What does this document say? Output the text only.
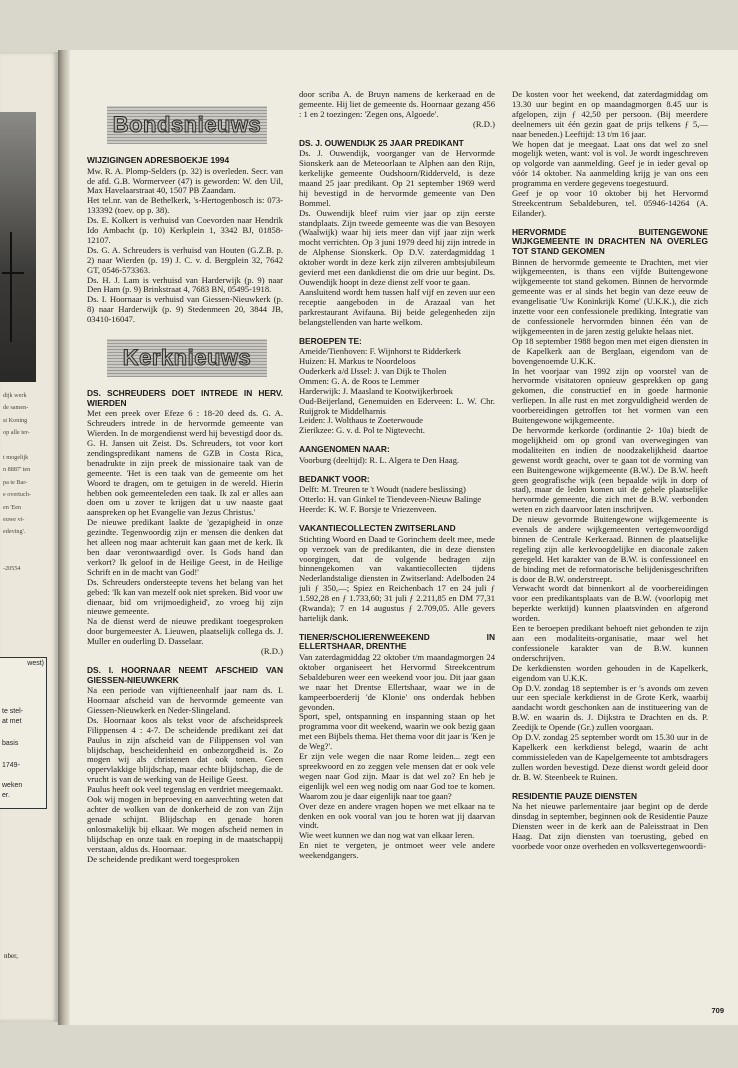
dijk werk
de samen-
st Koning
op alle ter-

t mogelijk
n 8887' ten
pa te Bar-
e overtuch-
en 'Een
euwe vi-
edeving'.
-20554
west)
te stel-
at met
basis
1749-
weken
er.
nber,
Bondsnieuws
WIJZIGINGEN ADRESBOEKJE 1994

Mw. R. A. Plomp-Selders (p. 32) is overleden. Secr. van de afd. G.B. Wormerveer (47) is geworden: W. den Uil, Max Havelaarstraat 40, 1507 PB Zaandam.

Het tel.nr. van de Bethelkerk, 's-Hertogenbosch is: 073-133392 (toev. op p. 38).

Ds. E. Kolkert is verhuisd van Coevorden naar Hendrik Ido Ambacht (p. 10) Kerkplein 1, 3342 BJ, 01858-12107.

Ds. G. A. Schreuders is verhuisd van Houten (G.Z.B. p. 2) naar Wierden (p. 19) J. C. v. d. Bergplein 32, 7642 GT, 0546-573363.

Ds. H. J. Lam is verhuisd van Harderwijk (p. 9) naar Den Ham (p. 9) Brinkstraat 4, 7683 BN, 05495-1918.

Ds. I. Hoornaar is verhuisd van Giessen-Nieuwkerk (p. 8) naar Harderwijk (p. 9) Stedenmeen 20, 3844 JB, 03410-16047.

Kerknieuws
DS. SCHREUDERS DOET INTREDE IN HERV. WIERDEN

Met een preek over Efeze 6 : 18-20 deed ds. G. A. Schreuders intrede in de hervormde gemeente van Wierden. In de morgendienst werd hij bevestigd door ds. G. H. Jansen uit Zeist. Ds. Schreuders, tot voor kort zendingspredikant namens de GZB in Costa Rica, benadrukte in zijn preek de missionaire taak van de gemeente. 'Het is een taak van de gemeente om het Woord te dragen, om te getuigen in de wereld. Hierin hebben ook gemeenteleden een taak. Ik zal er alles aan doen om u zover te krijgen dat u uw naaste gaat aanspreken op het Evangelie van Jezus Christus.'

De nieuwe predikant laakte de 'gezapigheid in onze gezindte. Tegenwoordig zijn er mensen die denken dat het alleen nog maar achteruit kan gaan met de kerk. Ik ben daar verontwaardigd over. Is Gods hand dan verkort? Ik geloof in de Heilige Geest, in de Heilige Schrift en in de macht van God!'

Ds. Schreuders ondersteepte tevens het belang van het gebed: 'Ik kan van mezelf ook niet spreken. Bid voor uw dienaar, bid om vrijmoedigheid', zo vroeg hij zijn nieuwe gemeente.

Na de dienst werd de nieuwe predikant toegesproken door burgemeester A. Lieuwen, plaatselijk collega ds. J. Muller en ouderling D. Dasselaar.

(R.D.)

DS. I. HOORNAAR NEEMT AFSCHEID VAN GIESSEN-NIEUWKERK

Na een periode van vijftieneenhalf jaar nam ds. I. Hoornaar afscheid van de hervormde gemeente van Giessen-Nieuwkerk en Neder-Slingeland.

Ds. Hoornaar koos als tekst voor de afscheidspreek Filippensen 4 : 4-7. De scheidende predikant zei dat Paulus in zijn afscheid van de Filippensen vol van blijdschap, bescheidenheid en onbezorgdheid is. Zo mogen wij als christenen dat ook tonen. Geen oppervlakkige blijdschap, maar echte blijdschap, die de vrucht is van de werking van de Heilige Geest.

Paulus heeft ook veel tegenslag en verdriet meegemaakt. Ook wij mogen in beproeving en aanvechting weten dat achter de wolken van de donkerheid de zon van Zijn genade schijnt. Blijdschap en genade horen onlosmakelijk bij elkaar. We mogen afscheid nemen in blijdschap en onze taak en roeping in de maatschappij verstaan, aldus ds. Hoornaar.

De scheidende predikant werd toegesproken

door scriba A. de Bruyn namens de kerkeraad en de gemeente. Hij liet de gemeente ds. Hoornaar gezang 456 : 1 en 2 toezingen: 'Zegen ons, Algoede'.

(R.D.)

DS. J. OUWENDIJK 25 JAAR PREDIKANT

Ds. J. Ouwendijk, voorganger van de Hervormde Sionskerk aan de Meteoorlaan te Alphen aan den Rijn, kerkelijke gemeente Oudshoorn/Ridderveld, is deze maand 25 jaar predikant. Op 21 september 1969 werd hij bevestigd in de hervormde gemeente van Den Bommel.

Ds. Ouwendijk bleef ruim vier jaar op zijn eerste standplaats. Zijn tweede gemeente was die van Besoyen (Waalwijk) waar hij iets meer dan vijf jaar zijn werk mocht verrichten. Op 3 juni 1979 deed hij zijn intrede in de Alphense Sionskerk. Op D.V. zaterdagmiddag 1 oktober wordt in deze kerk zijn zilveren ambtsjubileum gevierd met een dankdienst die om drie uur begint. Ds. Ouwendijk hoopt in deze dienst zelf voor te gaan.

Aansluitend wordt hem tussen half vijf en zeven uur een receptie aangeboden in de Arazaal van het parkrestaurant Avifauna. Bij beide gelegenheden zijn belangstellenden van harte welkom.

BEROEPEN TE:

Ameide/Tienhoven: F. Wijnhorst te Ridderkerk

Huizen: H. Markus te Noordeloos

Ouderkerk a/d IJssel: J. van Dijk te Tholen

Ommen: G. A. de Roos te Lemmer

Harderwijk: J. Maasland te Kootwijkerbroek

Oud-Beijerland, Genemuiden en Ederveen: L. W. Chr. Ruijgrok te Middelharnis

Leiden: J. Wolthaus te Zoeterwoude

Zierikzee: G. v. d. Pol te Nigtevecht.

AANGENOMEN NAAR:

Voorburg (deeltijd): R. L. Algera te Den Haag.

BEDANKT VOOR:

Delft: M. Treuren te 't Woudt (nadere beslissing)

Otterlo: H. van Ginkel te Tiendeveen-Nieuw Balinge

Heerde: K. W. F. Borsje te Vriezenveen.

VAKANTIECOLLECTEN ZWITSERLAND

Stichting Woord en Daad te Gorinchem deelt mee, mede op verzoek van de predikanten, die in deze diensten voorgingen, dat de volgende bedragen zijn binnengekomen van vakantiecollecten tijdens Nederlandstalige diensten in Zwitserland: Adelboden 24 juli ƒ 350,—; Spiez en Reichenbach 17 en 24 juli ƒ 1.592,28 en ƒ 1.733,60; 31 juli ƒ 2.211,85 en DM 77,31 (Rwanda); 7 en 14 augustus ƒ 2.709,05. Alle gevers hartelijk dank.

TIENER/SCHOLIERENWEEKEND IN ELLERTSHAAR, DRENTHE

Van zaterdagmiddag 22 oktober t/m maandagmorgen 24 oktober organiseert het Hervormd Streekcentrum Sebaldeburen weer een weekend voor jou. Dit jaar gaan we naar het Drentse Ellertshaar, waar we in de kampeerboerderij 'de Klonie' ons onderdak hebben gevonden.

Sport, spel, ontspanning en inspanning staan op het programma voor dit weekend, waarin we ook bezig gaan met een Bijbels thema. Het thema voor dit jaar is 'Ken je de Weg?'.

Er zijn vele wegen die naar Rome leiden... zegt een spreekwoord en zo zeggen vele mensen dat er ook vele wegen naar God zijn. Maar is dat wel zo? En heb je eigenlijk wel een weg nodig om naar God toe te komen. Waarom zou je daar eigenlijk naar toe gaan?

Over deze en andere vragen hopen we met elkaar na te denken en ook vooral van jou te horen wat jij daarvan vindt.

Wie weet kunnen we dan nog wat van elkaar leren.

En niet te vergeten, je ontmoet weer vele andere weekendgangers.

De kosten voor het weekend, dat zaterdagmiddag om 13.30 uur begint en op maandagmorgen 8.45 uur is afgelopen, zijn ƒ 42,50 per persoon. (Bij meerdere deelnemers uit één gezin gaat de prijs telkens ƒ 5,— naar beneden.) Leeftijd: 13 t/m 16 jaar.

We hopen dat je meegaat. Laat ons dat wel zo snel mogelijk weten, want: vol is vol. Je wordt ingeschreven op volgorde van aanmelding. Geef je in ieder geval op vóór 14 oktober. Na aanmelding krijg je van ons een programma en verdere gegevens toegestuurd.

Geef je op voor 10 oktober bij het Hervormd Streekcentrum Sebaldeburen, tel. 05946-14264 (A. Eilander).

HERVORMDE BUITENGEWONE WIJKGEMEENTE IN DRACHTEN NA OVERLEG TOT STAND GEKOMEN

Binnen de hervormde gemeente te Drachten, met vier wijkgemeenten, is thans een vijfde Buitengewone wijkgemeente tot stand gekomen. Binnen de hervormde gemeente was er al sinds het begin van deze eeuw de evangelisatie 'Uw Koninkrijk Kome' (U.K.K.), die zich inzette voor een confessionele prediking. Integratie van de confessionele hervormden binnen één van de wijkgemeenten in de jaren zestig gelukte helaas niet.

Op 18 september 1988 begon men met eigen diensten in de Kapelkerk aan de Berglaan, eigendom van de bovengenoemde U.K.K.

In het voorjaar van 1992 zijn op voorstel van de hervormde visitatoren opnieuw gesprekken op gang gekomen, die constructief en in goede harmonie verliepen. In alle rust en met zorgvuldigheid werden de voorbereidingen getroffen tot het vormen van een Buitengewone wijkgemeente.

De hervormde kerkorde (ordinantie 2- 10a) biedt de mogelijkheid om op grond van overwegingen van modaliteiten en indien de noodzakelijkheid daartoe gewenst wordt geacht, over te gaan tot de vorming van een Buitengewone wijkgemeente (B.W.). De B.W. heeft geen geografische wijk (een bepaalde wijk in dorp of stad), maar de leden komen uit de gehele plaatselijke hervormde gemeente, die zich met de B.W. verbonden weten en zich daarvoor laten inschrijven.

De nieuw gevormde Buitengewone wijkgemeente is evenals de andere wijkgemeenten vertegenwoordigd binnen de Centrale Kerkeraad. Binnen de plaatselijke regeling zijn alle kerkvoogdelijke en diaconale zaken geregeld. Het karakter van de B.W. is confessioneel en de binding met de reformatorische belijdenisgeschriften is door de B.W. onderstreept.

Verwacht wordt dat binnenkort al de voorbereidingen voor een predikantsplaats van de B.W. (voorlopig met beperkte werktijd) kunnen plaatsvinden en afgerond worden.

Een te beroepen predikant behoeft niet gebonden te zijn aan een modaliteits-organisatie, maar wel het confessionele karakter van de B.W. kunnen onderschrijven.

De kerkdiensten worden gehouden in de Kapelkerk, eigendom van U.K.K.

Op D.V. zondag 18 september is er 's avonds om zeven uur een speciale kerkdienst in de Grote Kerk, waarbij aandacht wordt geschonken aan de institueering van de B.W. en waarin ds. J. Dijkstra te Drachten en ds. P. Zeedijk te Opende (Gr.) zullen voorgaan.

Op D.V. zondag 25 september wordt om 15.30 uur in de Kapelkerk een kerkdienst belegd, waarin de acht commissieleden van de Kapelgemeente tot ambtsdragers zullen worden bevestigd. Deze dienst wordt geleid door dr. B. W. Steenbeek te Ruinen.

RESIDENTIE PAUZE DIENSTEN

Na het nieuwe parlementaire jaar begint op de derde dinsdag in september, beginnen ook de Residentie Pauze Diensten weer in de kerk aan de Paleisstraat in Den Haag. Dat zijn diensten van toerusting, gebed en voorbede voor onze overheden en volksvertegenwoordi-

709
